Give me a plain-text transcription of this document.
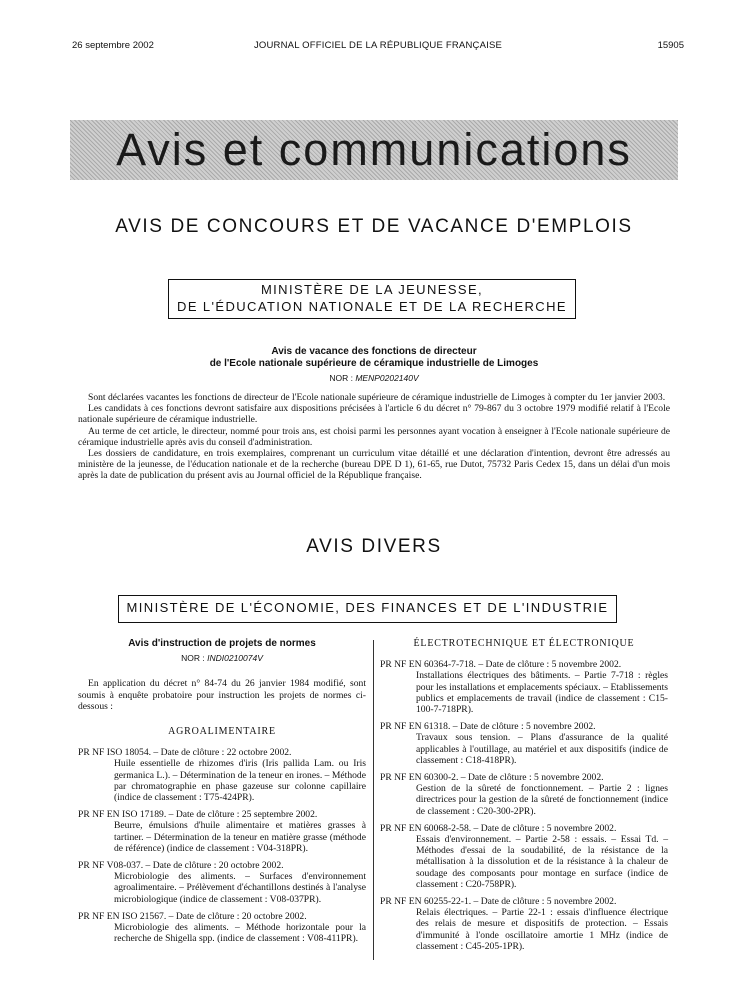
26 septembre 2002	JOURNAL OFFICIEL DE LA RÉPUBLIQUE FRANÇAISE	15905
Avis et communications
AVIS DE CONCOURS ET DE VACANCE D'EMPLOIS
MINISTÈRE DE LA JEUNESSE,
DE L'ÉDUCATION NATIONALE ET DE LA RECHERCHE
Avis de vacance des fonctions de directeur
de l'Ecole nationale supérieure de céramique industrielle de Limoges
NOR : MENP0202140V

Sont déclarées vacantes les fonctions de directeur de l'Ecole nationale supérieure de céramique industrielle de Limoges à compter du 1er janvier 2003.

Les candidats à ces fonctions devront satisfaire aux dispositions précisées à l'article 6 du décret n° 79-867 du 3 octobre 1979 modifié relatif à l'Ecole nationale supérieure de céramique industrielle.

Au terme de cet article, le directeur, nommé pour trois ans, est choisi parmi les personnes ayant vocation à enseigner à l'Ecole nationale supérieure de céramique industrielle après avis du conseil d'administration.

Les dossiers de candidature, en trois exemplaires, comprenant un curriculum vitae détaillé et une déclaration d'intention, devront être adressés au ministère de la jeunesse, de l'éducation nationale et de la recherche (bureau DPE D 1), 61-65, rue Dutot, 75732 Paris Cedex 15, dans un délai d'un mois après la date de publication du présent avis au Journal officiel de la République française.

AVIS DIVERS
MINISTÈRE DE L'ÉCONOMIE, DES FINANCES ET DE L'INDUSTRIE
Avis d'instruction de projets de normes
NOR : INDI0210074V

En application du décret n° 84-74 du 26 janvier 1984 modifié, sont soumis à enquête probatoire pour instruction les projets de normes ci-dessous :

AGROALIMENTAIRE
PR NF ISO 18054. – Date de clôture : 22 octobre 2002.
Huile essentielle de rhizomes d'iris (Iris pallida Lam. ou Iris germanica L.). – Détermination de la teneur en irones. – Méthode par chromatographie en phase gazeuse sur colonne capillaire (indice de classement : T75-424PR).
PR NF EN ISO 17189. – Date de clôture : 25 septembre 2002.
Beurre, émulsions d'huile alimentaire et matières grasses à tartiner. – Détermination de la teneur en matière grasse (méthode de référence) (indice de classement : V04-318PR).
PR NF V08-037. – Date de clôture : 20 octobre 2002.
Microbiologie des aliments. – Surfaces d'environnement agroalimentaire. – Prélèvement d'échantillons destinés à l'analyse microbiologique (indice de classement : V08-037PR).
PR NF EN ISO 21567. – Date de clôture : 20 octobre 2002.
Microbiologie des aliments. – Méthode horizontale pour la recherche de Shigella spp. (indice de classement : V08-411PR).
ÉLECTROTECHNIQUE ET ÉLECTRONIQUE
PR NF EN 60364-7-718. – Date de clôture : 5 novembre 2002.
Installations électriques des bâtiments. – Partie 7-718 : règles pour les installations et emplacements spéciaux. – Etablissements publics et emplacements de travail (indice de classement : C15-100-7-718PR).
PR NF EN 61318. – Date de clôture : 5 novembre 2002.
Travaux sous tension. – Plans d'assurance de la qualité applicables à l'outillage, au matériel et aux dispositifs (indice de classement : C18-418PR).
PR NF EN 60300-2. – Date de clôture : 5 novembre 2002.
Gestion de la sûreté de fonctionnement. – Partie 2 : lignes directrices pour la gestion de la sûreté de fonctionnement (indice de classement : C20-300-2PR).
PR NF EN 60068-2-58. – Date de clôture : 5 novembre 2002.
Essais d'environnement. – Partie 2-58 : essais. – Essai Td. – Méthodes d'essai de la soudabilité, de la résistance de la métallisation à la dissolution et de la résistance à la chaleur de soudage des composants pour montage en surface (indice de classement : C20-758PR).
PR NF EN 60255-22-1. – Date de clôture : 5 novembre 2002.
Relais électriques. – Partie 22-1 : essais d'influence électrique des relais de mesure et dispositifs de protection. – Essais d'immunité à l'onde oscillatoire amortie 1 MHz (indice de classement : C45-205-1PR).
